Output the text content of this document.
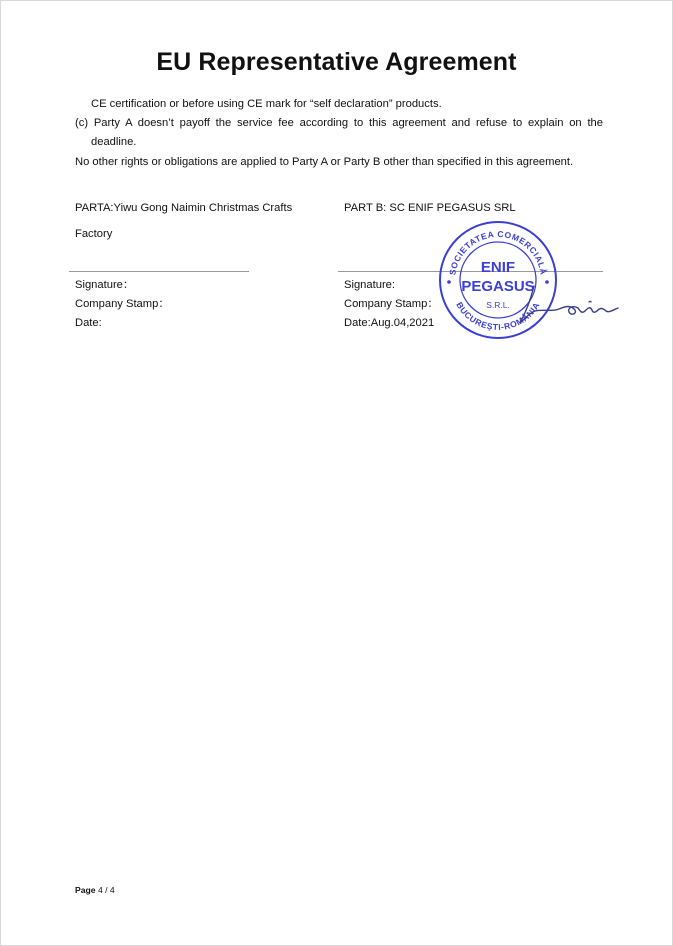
EU Representative Agreement
CE certification or before using CE mark for “self declaration” products.
(c) Party A doesn’t payoff the service fee according to this agreement and refuse to explain on the
deadline.
No other rights or obligations are applied to Party A or Party B other than specified in this agreement.
PARTA:Yiwu Gong Naimin Christmas Crafts
Factory
Signature：
Company Stamp：
Date:
PART B: SC ENIF PEGASUS SRL
Signature:
Company Stamp：
Date:Aug.04,2021
SOCIETATEA COMERCIALĂ
BUCUREȘTI-ROMÂNIA
ENIF
PEGASUS
S.R.L.
Page 4 / 4
